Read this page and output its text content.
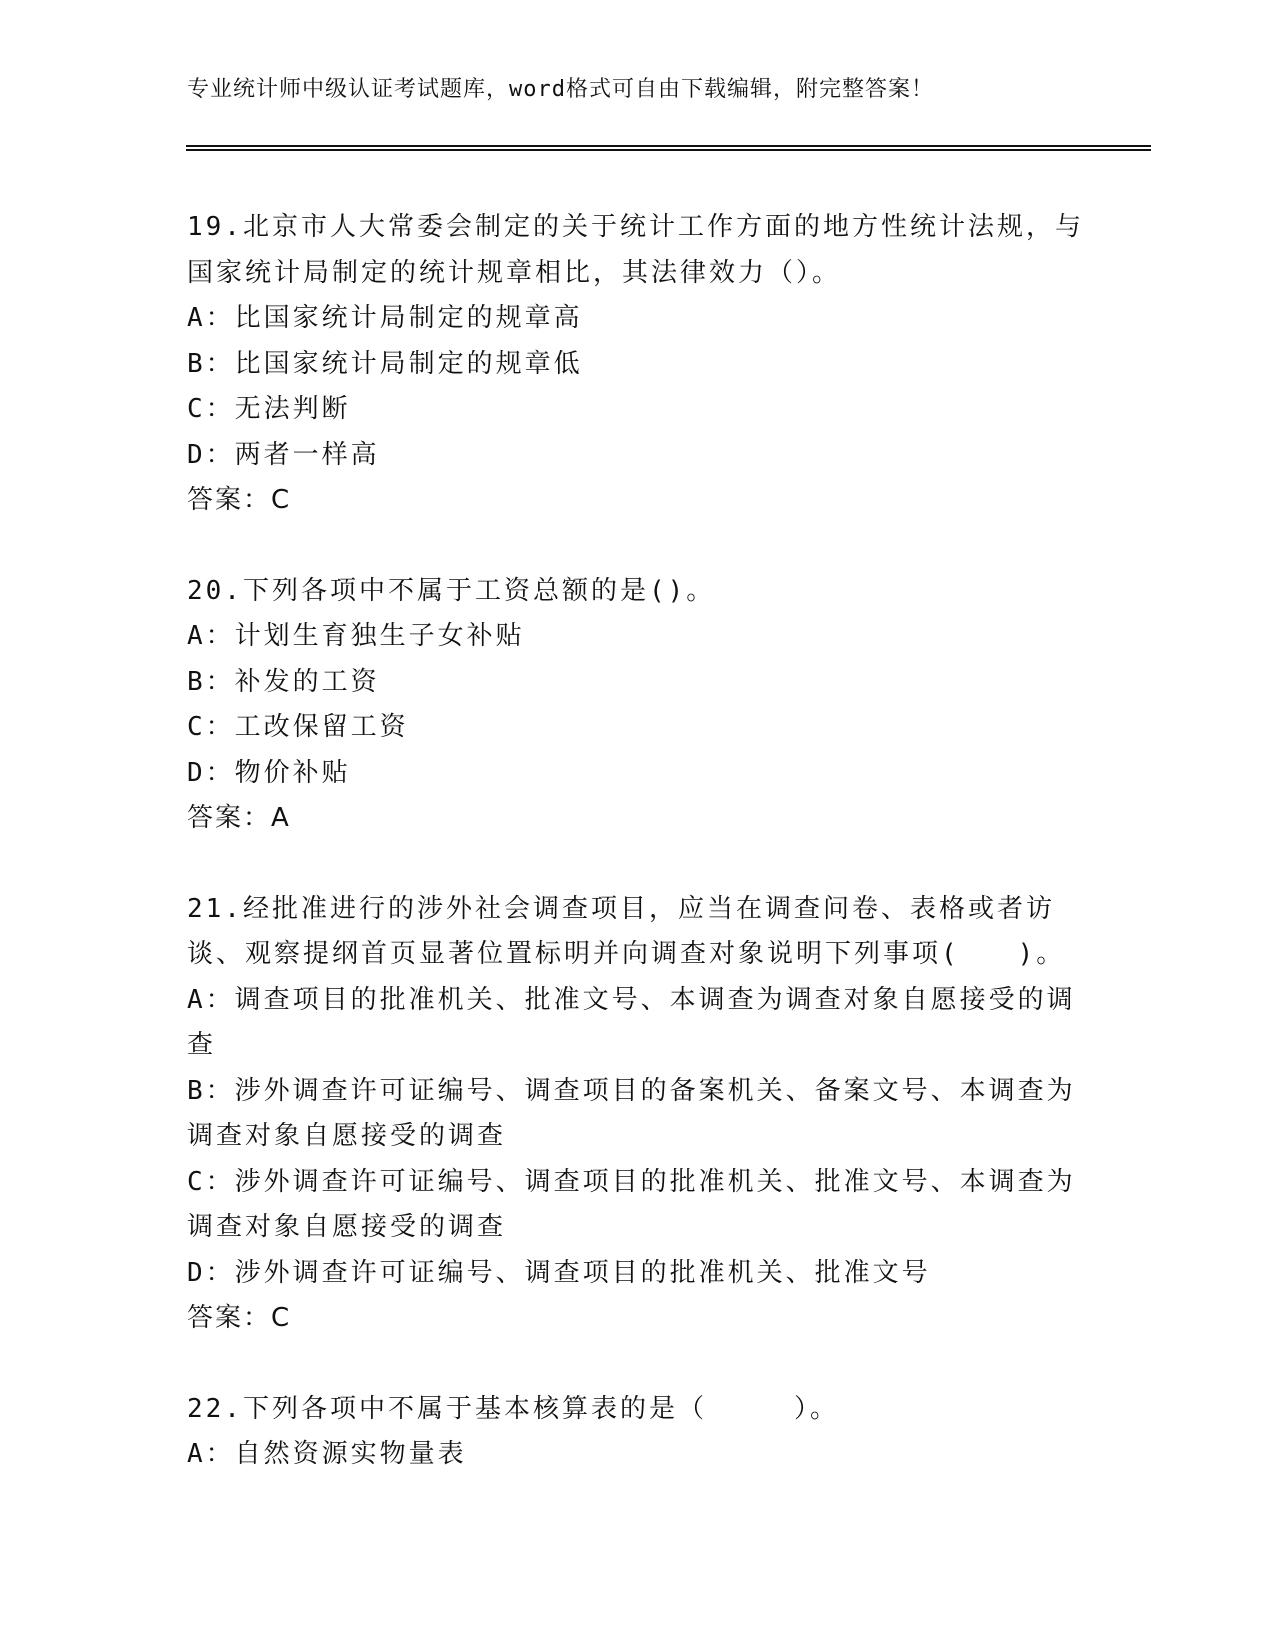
专业统计师中级认证考试题库，word格式可自由下载编辑，附完整答案！
19.北京市人大常委会制定的关于统计工作方面的地方性统计法规，与国家统计局制定的统计规章相比，其法律效力（）。
A：比国家统计局制定的规章高
B：比国家统计局制定的规章低
C：无法判断
D：两者一样高
答案：C
20.下列各项中不属于工资总额的是()。
A：计划生育独生子女补贴
B：补发的工资
C：工改保留工资
D：物价补贴
答案：A
21.经批准进行的涉外社会调查项目，应当在调查问卷、表格或者访谈、观察提纲首页显著位置标明并向调查对象说明下列事项(　　)。
A：调查项目的批准机关、批准文号、本调查为调查对象自愿接受的调查
B：涉外调查许可证编号、调查项目的备案机关、备案文号、本调查为调查对象自愿接受的调查
C：涉外调查许可证编号、调查项目的批准机关、批准文号、本调查为调查对象自愿接受的调查
D：涉外调查许可证编号、调查项目的批准机关、批准文号
答案：C
22.下列各项中不属于基本核算表的是（　　　）。
A：自然资源实物量表
